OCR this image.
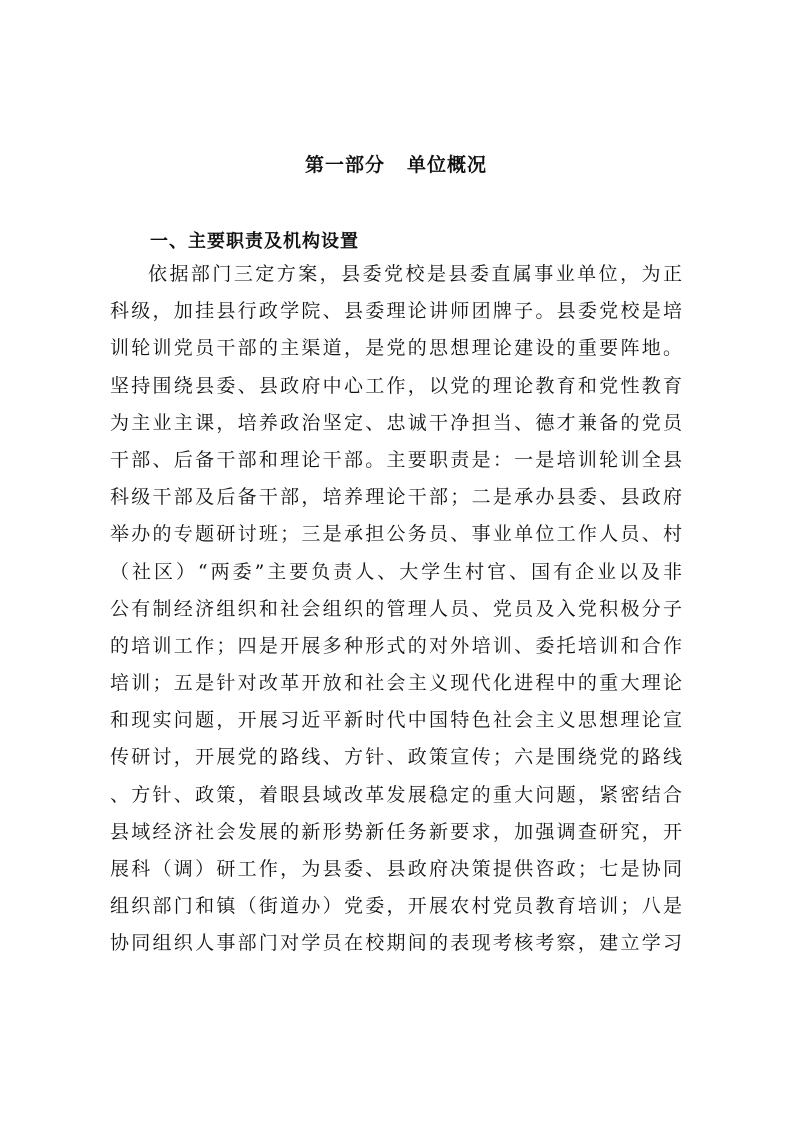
第一部分 单位概况
一、主要职责及机构设置
依据部门三定方案，县委党校是县委直属事业单位，为正
科级，加挂县行政学院、县委理论讲师团牌子。县委党校是培
训轮训党员干部的主渠道，是党的思想理论建设的重要阵地。
坚持围绕县委、县政府中心工作，以党的理论教育和党性教育
为主业主课，培养政治坚定、忠诚干净担当、德才兼备的党员
干部、后备干部和理论干部。主要职责是：一是培训轮训全县
科级干部及后备干部，培养理论干部；二是承办县委、县政府
举办的专题研讨班；三是承担公务员、事业单位工作人员、村
（社区）“两委”主要负责人、大学生村官、国有企业以及非
公有制经济组织和社会组织的管理人员、党员及入党积极分子
的培训工作；四是开展多种形式的对外培训、委托培训和合作
培训；五是针对改革开放和社会主义现代化进程中的重大理论
和现实问题，开展习近平新时代中国特色社会主义思想理论宣
传研讨，开展党的路线、方针、政策宣传；六是围绕党的路线
、方针、政策，着眼县域改革发展稳定的重大问题，紧密结合
县域经济社会发展的新形势新任务新要求，加强调查研究，开
展科（调）研工作，为县委、县政府决策提供咨政；七是协同
组织部门和镇（街道办）党委，开展农村党员教育培训；八是
协同组织人事部门对学员在校期间的表现考核考察，建立学习
